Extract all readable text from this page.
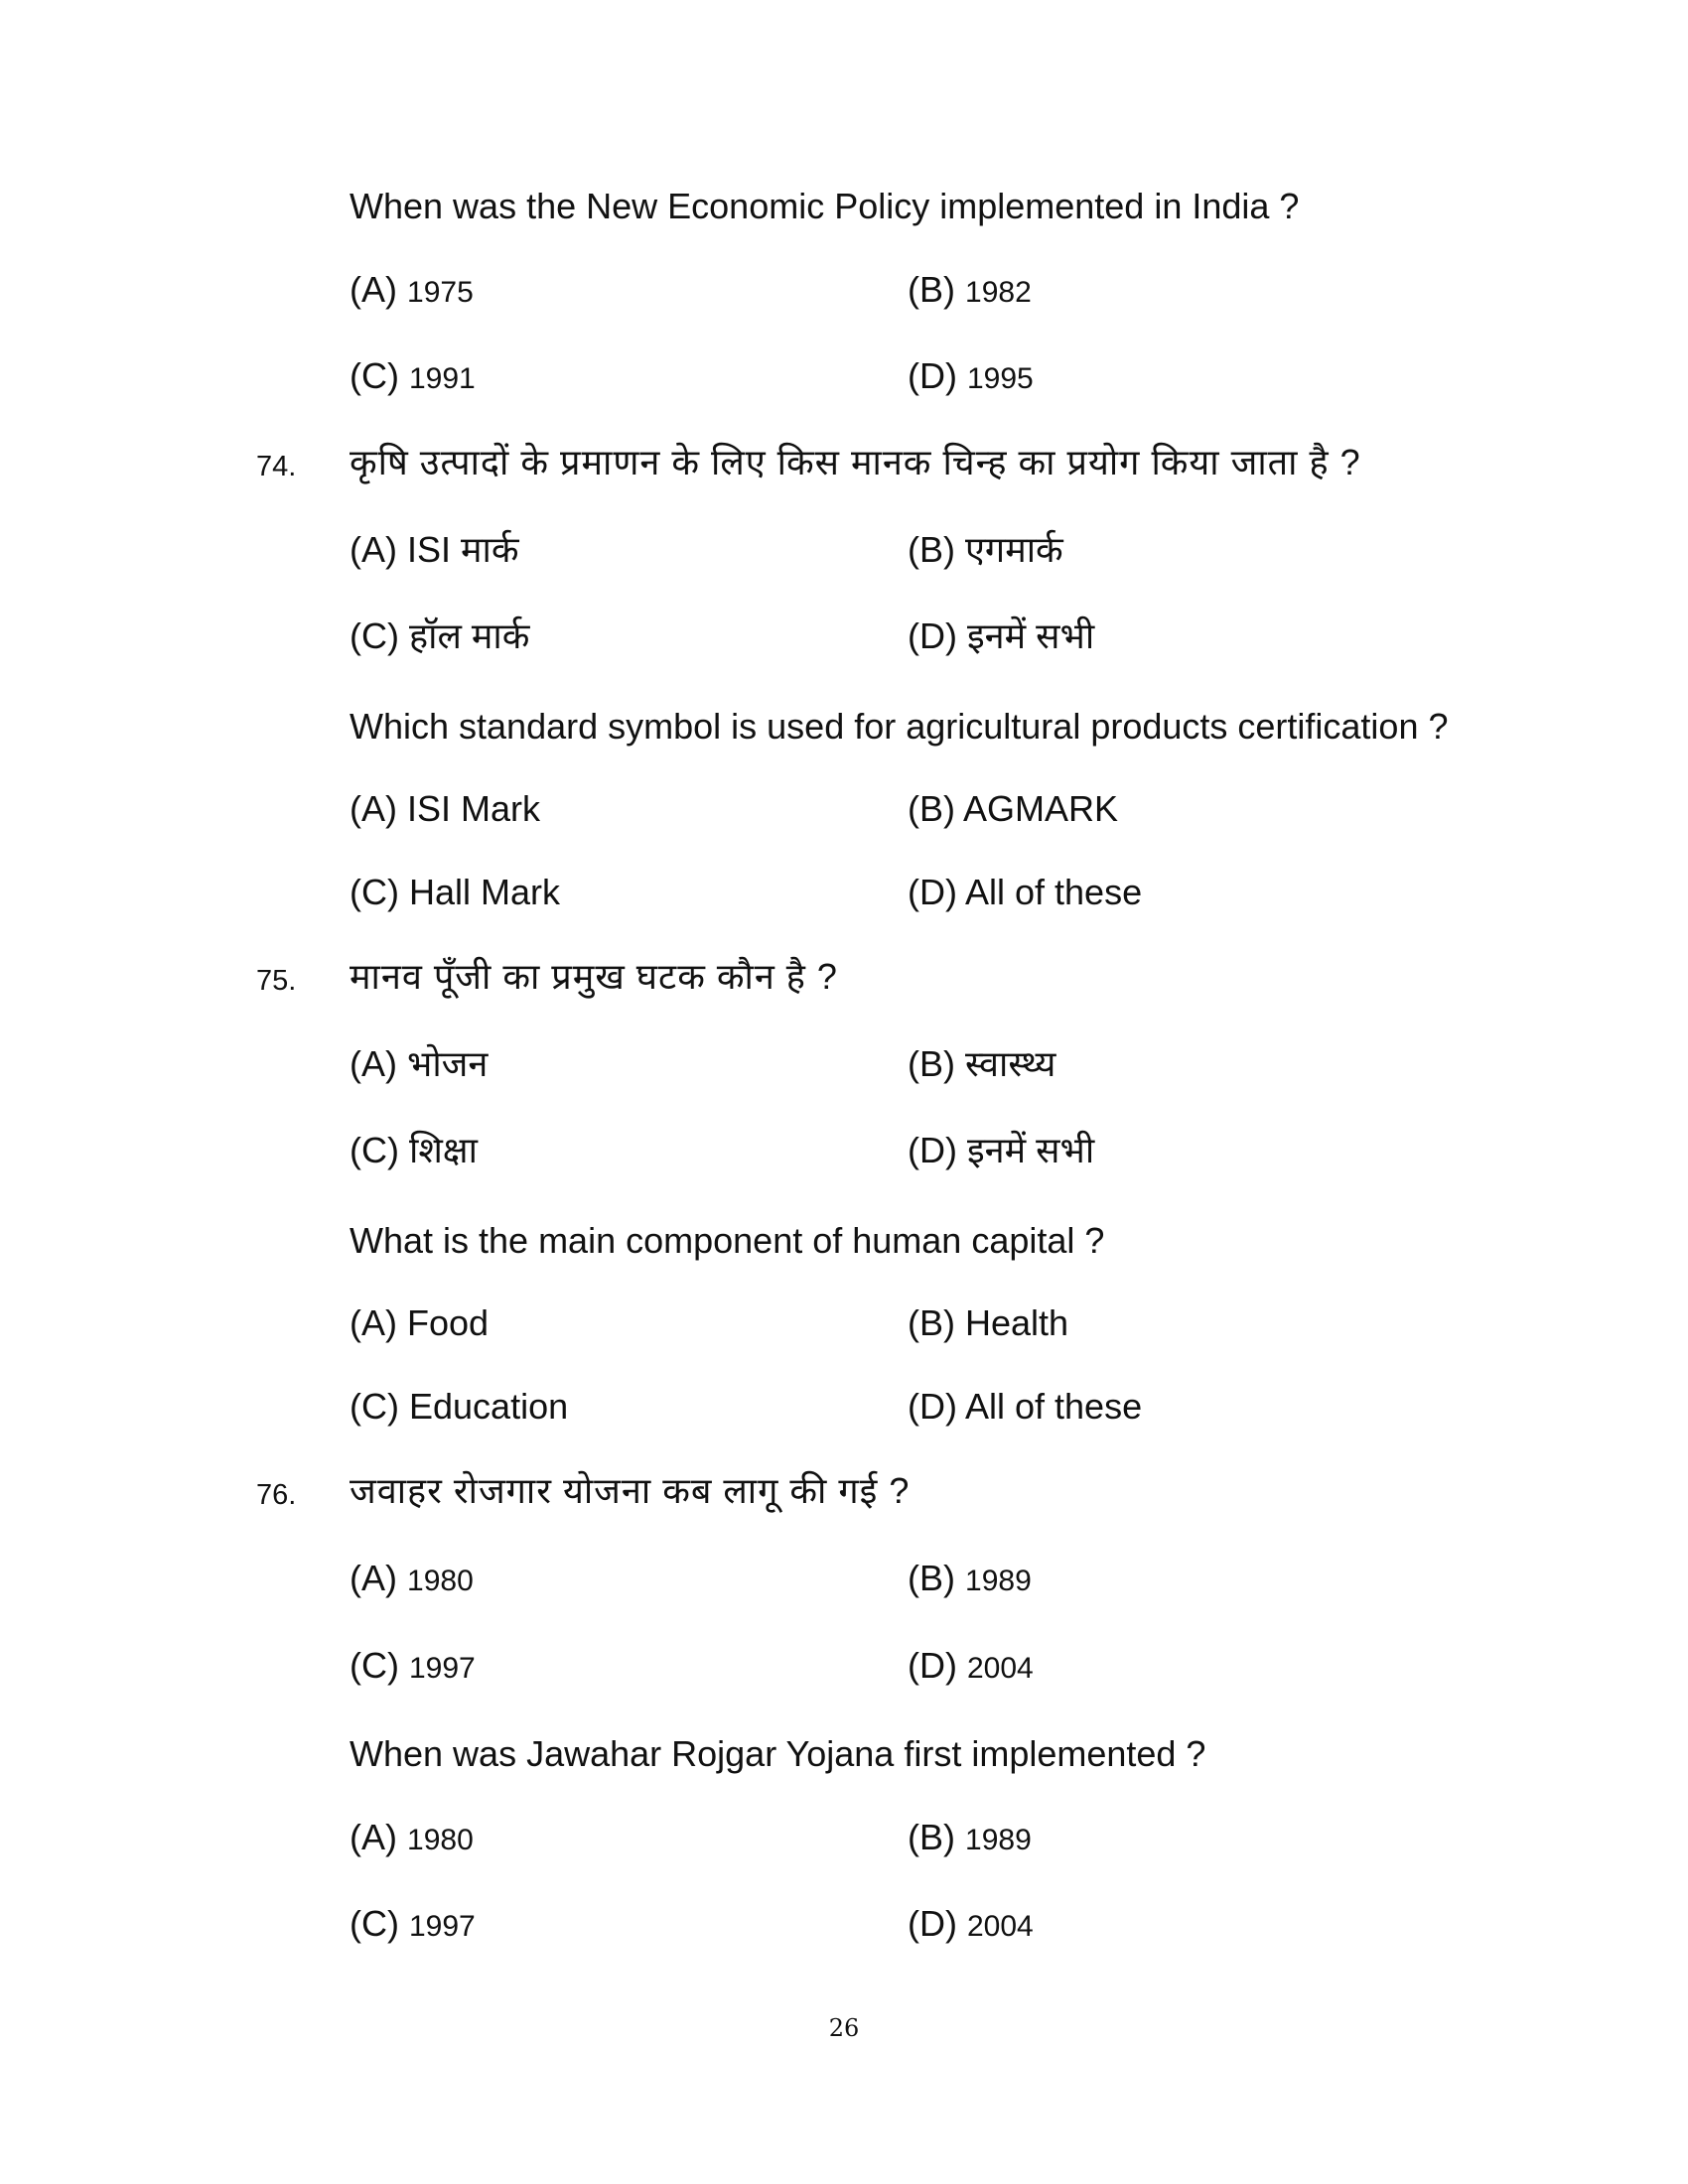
When was the New Economic Policy implemented in India ?
(A) 1975	(B) 1982
(C) 1991	(D) 1995
74. कृषि उत्पादों के प्रमाणन के लिए किस मानक चिन्ह का प्रयोग किया जाता है ?
(A) ISI मार्क	(B) एगमार्क
(C) हॉल मार्क	(D) इनमें सभी
Which standard symbol is used for agricultural products certification ?
(A) ISI Mark	(B) AGMARK
(C) Hall Mark	(D) All of these
75. मानव पूँजी का प्रमुख घटक कौन है ?
(A) भोजन	(B) स्वास्थ्य
(C) शिक्षा	(D) इनमें सभी
What is the main component of human capital ?
(A) Food	(B) Health
(C) Education	(D) All of these
76. जवाहर रोजगार योजना कब लागू की गई ?
(A) 1980	(B) 1989
(C) 1997	(D) 2004
When was Jawahar Rojgar Yojana first implemented ?
(A) 1980	(B) 1989
(C) 1997	(D) 2004
26
